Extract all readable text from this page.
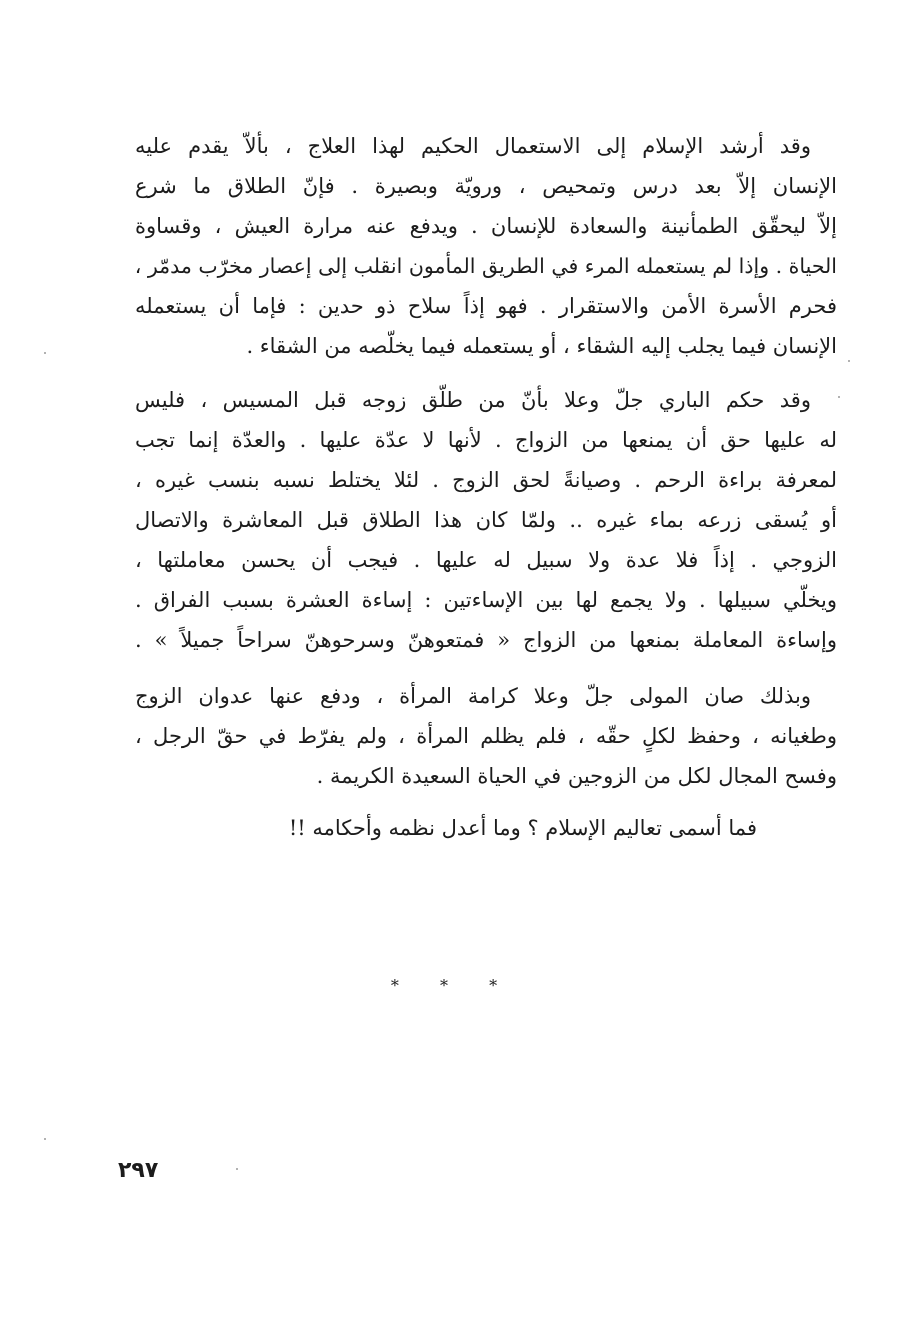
وقد أرشد الإسلام إلى الاستعمال الحكيم لهذا العلاج ، بألاّ يقدم عليه
الإنسان إلاّ بعد درس وتمحيص ، ورويّة وبصيرة . فإنّ الطلاق ما شرع
إلاّ ليحقّق الطمأنينة والسعادة للإنسان . ويدفع عنه مرارة العيش ، وقساوة
الحياة . وإذا لم يستعمله المرء في الطريق المأمون انقلب إلى إعصار مخرّب مدمّر ،
فحرم الأسرة الأمن والاستقرار . فهو إذاً سلاح ذو حدين : فإما أن يستعمله
الإنسان فيما يجلب إليه الشقاء ، أو يستعمله فيما يخلّصه من الشقاء .
وقد حكم الباري جلّ وعلا بأنّ من طلّق زوجه قبل المسيس ، فليس
له عليها حق أن يمنعها من الزواج . لأنها لا عدّة عليها . والعدّة إنما تجب
لمعرفة براءة الرحم . وصيانةً لحق الزوج . لئلا يختلط نسبه بنسب غيره ،
أو يُسقى زرعه بماء غيره .. ولمّا كان هذا الطلاق قبل المعاشرة والاتصال
الزوجي . إذاً فلا عدة ولا سبيل له عليها . فيجب أن يحسن معاملتها ،
ويخلّي سبيلها . ولا يجمع لها بين الإساءتين : إساءة العشرة بسبب الفراق .
وإساءة المعاملة بمنعها من الزواج « فمتعوهنّ وسرحوهنّ سراحاً جميلاً » .
وبذلك صان المولى جلّ وعلا كرامة المرأة ، ودفع عنها عدوان الزوج
وطغيانه ، وحفظ لكلٍ حقّه ، فلم يظلم المرأة ، ولم يفرّط في حقّ الرجل ،
وفسح المجال لكل من الزوجين في الحياة السعيدة الكريمة .
فما أسمى تعاليم الإسلام ؟ وما أعدل نظمه وأحكامه !!
* * *
٢٩٧
